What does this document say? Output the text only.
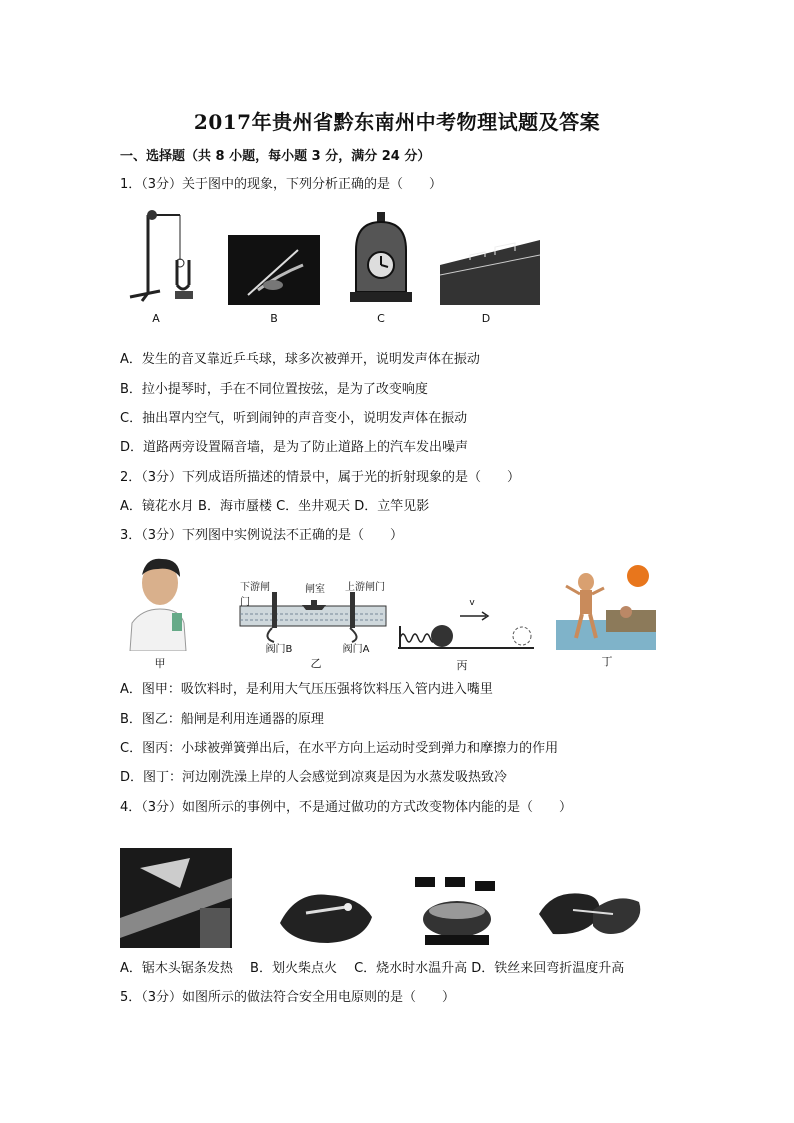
2017年贵州省黔东南州中考物理试题及答案
一、选择题（共 8 小题，每小题 3 分，满分 24 分）
1．（3分）关于图中的现象，下列分析正确的是（　　）
A	B	C	D
A．发生的音叉靠近乒乓球，球多次被弹开，说明发声体在振动
B．拉小提琴时，手在不同位置按弦，是为了改变响度
C．抽出罩内空气，听到闹钟的声音变小，说明发声体在振动
D．道路两旁设置隔音墙，是为了防止道路上的汽车发出噪声
2．（3分）下列成语所描述的情景中，属于光的折射现象的是（　　）
A．镜花水月 B．海市蜃楼 C．坐井观天 D．立竿见影
3．（3分）下列图中实例说法不正确的是（　　）
下游闸门
闸室	上游闸门
阀门B	阀门A
v
甲	乙	丙	丁
A．图甲：吸饮料时，是利用大气压压强将饮料压入管内进入嘴里
B．图乙：船闸是利用连通器的原理
C．图丙：小球被弹簧弹出后，在水平方向上运动时受到弹力和摩擦力的作用
D．图丁：河边刚洗澡上岸的人会感觉到凉爽是因为水蒸发吸热致冷
4．（3分）如图所示的事例中，不是通过做功的方式改变物体内能的是（　　）
A．锯木头锯条发热　 B．划火柴点火　 C．烧水时水温升高 D．铁丝来回弯折温度升高
5．（3分）如图所示的做法符合安全用电原则的是（　　）
